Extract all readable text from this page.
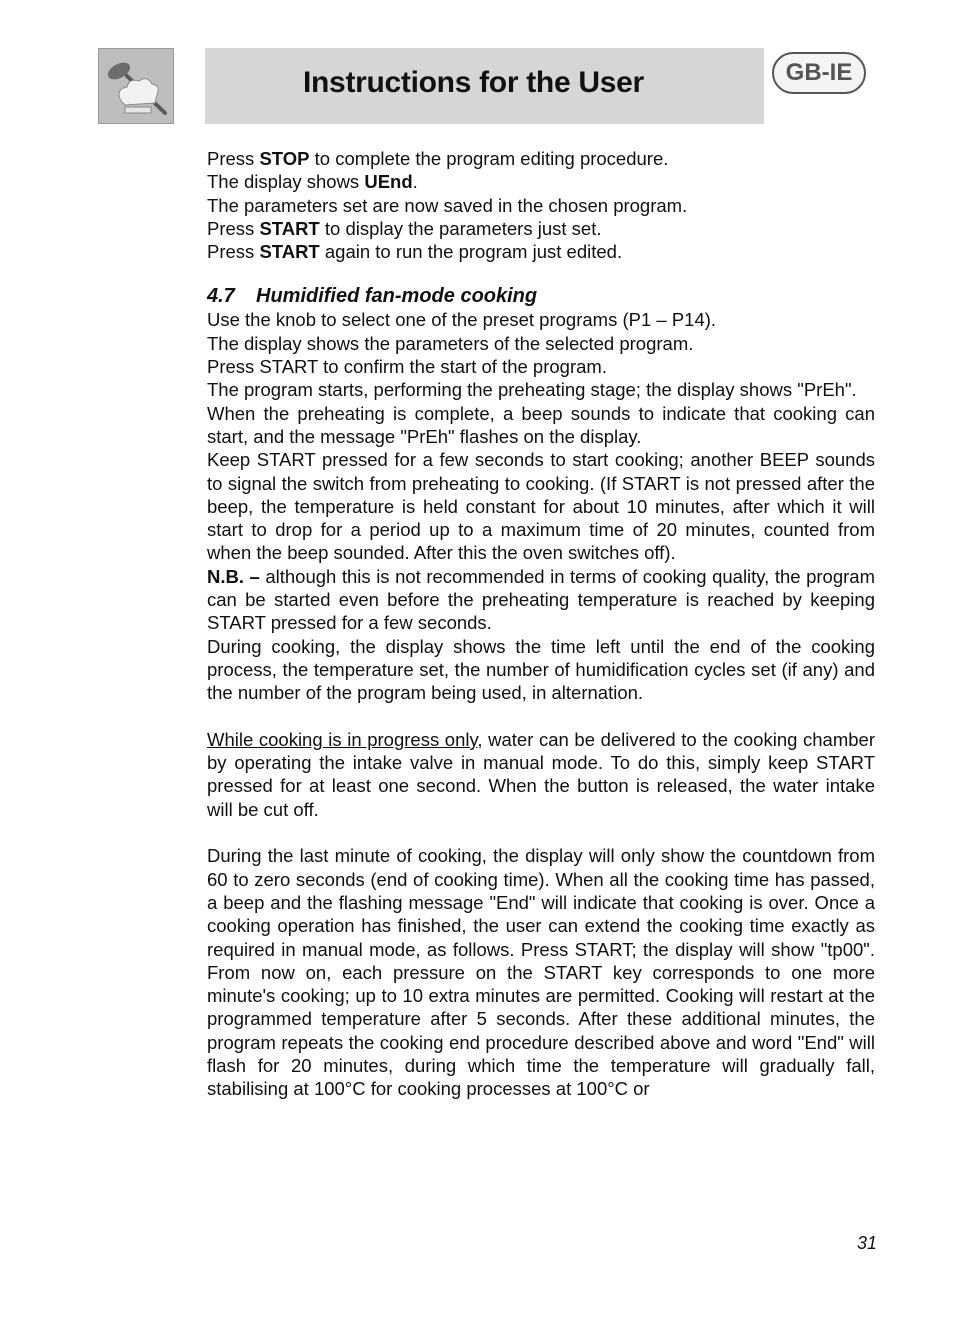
Instructions for the User	GB-IE

Press STOP to complete the program editing procedure.

The display shows UEnd.

The parameters set are now saved in the chosen program.

Press START to display the parameters just set.

Press START again to run the program just edited.

4.7 Humidified fan-mode cooking

Use the knob to select one of the preset programs (P1 – P14).

The display shows the parameters of the selected program.

Press START to confirm the start of the program.

The program starts, performing the preheating stage; the display shows "PrEh".

When the preheating is complete, a beep sounds to indicate that cooking can start, and the message "PrEh" flashes on the display.

Keep START pressed for a few seconds to start cooking; another BEEP sounds to signal the switch from preheating to cooking. (If START is not pressed after the beep, the temperature is held constant for about 10 minutes, after which it will start to drop for a period up to a maximum time of 20 minutes, counted from when the beep sounded. After this the oven switches off).

N.B. – although this is not recommended in terms of cooking quality, the program can be started even before the preheating temperature is reached by keeping START pressed for a few seconds.

During cooking, the display shows the time left until the end of the cooking process, the temperature set, the number of humidification cycles set (if any) and the number of the program being used, in alternation.

While cooking is in progress only, water can be delivered to the cooking chamber by operating the intake valve in manual mode. To do this, simply keep START pressed for at least one second. When the button is released, the water intake will be cut off.

During the last minute of cooking, the display will only show the countdown from 60 to zero seconds (end of cooking time). When all the cooking time has passed, a beep and the flashing message "End" will indicate that cooking is over. Once a cooking operation has finished, the user can extend the cooking time exactly as required in manual mode, as follows. Press START; the display will show "tp00". From now on, each pressure on the START key corresponds to one more minute's cooking; up to 10 extra minutes are permitted. Cooking will restart at the programmed temperature after 5 seconds. After these additional minutes, the program repeats the cooking end procedure described above and word "End" will flash for 20 minutes, during which time the temperature will gradually fall, stabilising at 100°C for cooking processes at 100°C or

31
